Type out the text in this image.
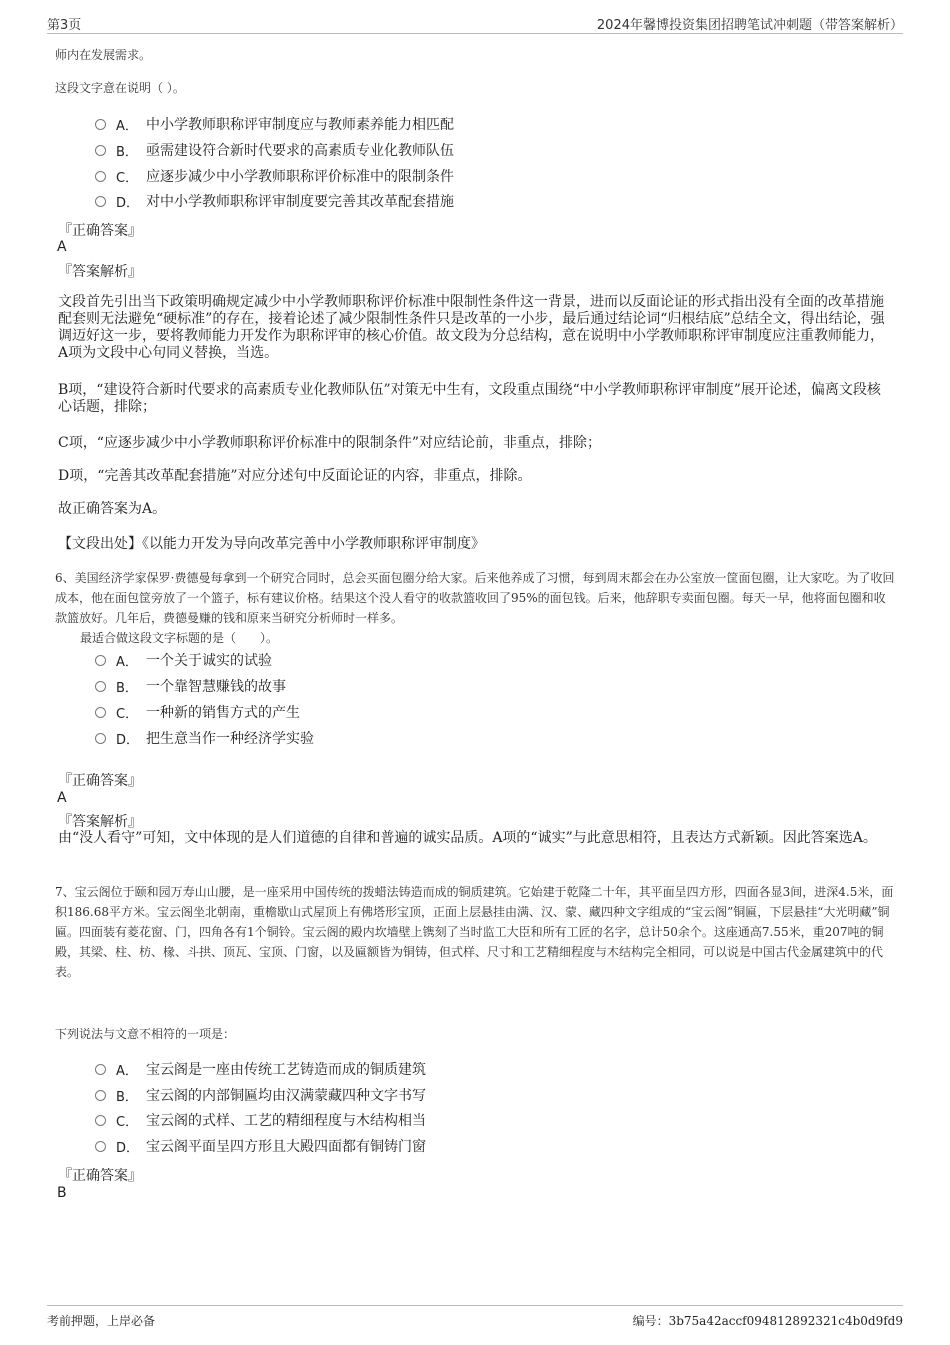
第3页	2024年馨博投资集团招聘笔试冲刺题（带答案解析）
师内在发展需求。
这段文字意在说明（ ）。
A． 中小学教师职称评审制度应与教师素养能力相匹配
B． 亟需建设符合新时代要求的高素质专业化教师队伍
C． 应逐步减少中小学教师职称评价标准中的限制条件
D． 对中小学教师职称评审制度要完善其改革配套措施
『正确答案』
A
『答案解析』
文段首先引出当下政策明确规定减少中小学教师职称评价标准中限制性条件这一背景，进而以反面论证的形式指出没有全面的改革措施配套则无法避免“硬标准”的存在，接着论述了减少限制性条件只是改革的一小步，最后通过结论词“归根结底”总结全文，得出结论，强调迈好这一步，要将教师能力开发作为职称评审的核心价值。故文段为分总结构，意在说明中小学教师职称评审制度应注重教师能力，A项为文段中心句同义替换，当选。
B项，“建设符合新时代要求的高素质专业化教师队伍”对策无中生有，文段重点围绕“中小学教师职称评审制度”展开论述，偏离文段核心话题，排除；
C项，“应逐步减少中小学教师职称评价标准中的限制条件”对应结论前，非重点，排除；
D项，“完善其改革配套措施”对应分述句中反面论证的内容，非重点，排除。
故正确答案为A。
【文段出处】《以能力开发为导向改革完善中小学教师职称评审制度》
6、美国经济学家保罗·费德曼每拿到一个研究合同时，总会买面包圈分给大家。后来他养成了习惯，每到周末都会在办公室放一筐面包圈，让大家吃。为了收回成本，他在面包筐旁放了一个篮子，标有建议价格。结果这个没人看守的收款篮收回了95%的面包钱。后来，他辞职专卖面包圈。每天一早，他将面包圈和收款篮放好。几年后，费德曼赚的钱和原来当研究分析师时一样多。
最适合做这段文字标题的是（　　）。
A． 一个关于诚实的试验
B． 一个靠智慧赚钱的故事
C． 一种新的销售方式的产生
D． 把生意当作一种经济学实验
『正确答案』
A
『答案解析』
由“没人看守”可知，文中体现的是人们道德的自律和普遍的诚实品质。A项的“诚实”与此意思相符，且表达方式新颖。因此答案选A。
7、宝云阁位于颐和园万寿山山腰，是一座采用中国传统的拨蜡法铸造而成的铜质建筑。它始建于乾隆二十年，其平面呈四方形，四面各显3间，进深4.5米，面积186.68平方米。宝云阁坐北朝南，重檐歇山式屋顶上有佛塔形宝顶，正面上层悬挂由满、汉、蒙、藏四种文字组成的“宝云阁”铜匾，下层悬挂“大光明藏”铜匾。四面装有菱花窗、门，四角各有1个铜铃。宝云阁的殿内坎墙壁上镌刻了当时监工大臣和所有工匠的名字，总计50余个。这座通高7.55米，重207吨的铜殿，其梁、柱、枋、椽、斗拱、顶瓦、宝顶、门窗，以及匾额皆为铜铸，但式样、尺寸和工艺精细程度与木结构完全相同，可以说是中国古代金属建筑中的代表。
下列说法与文意不相符的一项是：
A． 宝云阁是一座由传统工艺铸造而成的铜质建筑
B． 宝云阁的内部铜匾均由汉满蒙藏四种文字书写
C． 宝云阁的式样、工艺的精细程度与木结构相当
D． 宝云阁平面呈四方形且大殿四面都有铜铸门窗
『正确答案』
B
考前押题，上岸必备	编号：3b75a42accf094812892321c4b0d9fd9
